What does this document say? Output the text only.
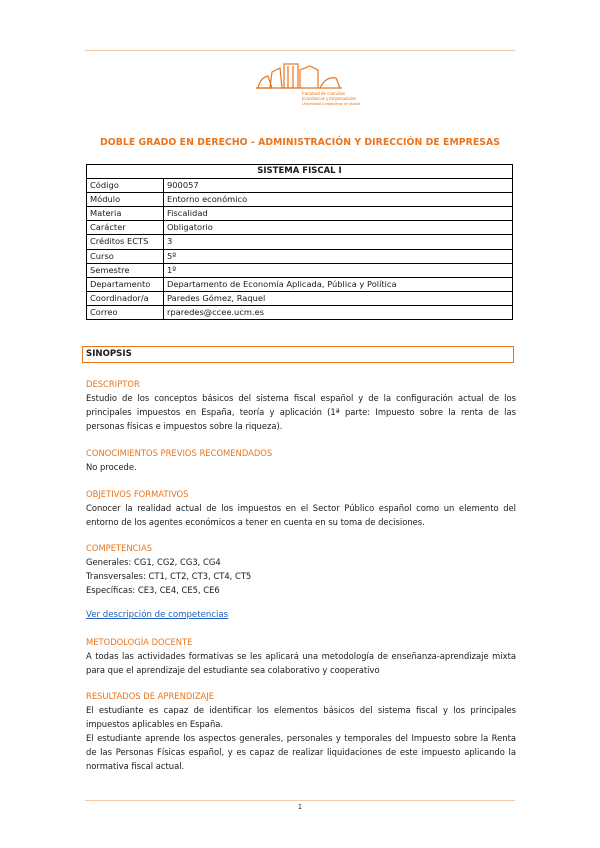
Facultad de Ciencias
Económicas y Empresariales
Universidad Complutense de Madrid
DOBLE GRADO EN DERECHO - ADMINISTRACIÓN Y DIRECCIÓN DE EMPRESAS
SISTEMA FISCAL I	
Código	900057
Módulo	Entorno económico
Materia	Fiscalidad
Carácter	Obligatorio
Créditos ECTS	3
Curso	5º
Semestre	1º
Departamento	Departamento de Economía Aplicada, Pública y Política
Coordinador/a	Paredes Gómez, Raquel
Correo	rparedes@ccee.ucm.es
SINOPSIS
DESCRIPTOR
Estudio de los conceptos básicos del sistema fiscal español y de la configuración actual de los principales impuestos en España, teoría y aplicación (1ª parte: Impuesto sobre la renta de las personas físicas e impuestos sobre la riqueza).
CONOCIMIENTOS PREVIOS RECOMENDADOS
No procede.
OBJETIVOS FORMATIVOS
Conocer la realidad actual de los impuestos en el Sector Público español como un elemento del entorno de los agentes económicos a tener en cuenta en su toma de decisiones.
COMPETENCIAS
Generales: CG1, CG2, CG3, CG4
Transversales: CT1, CT2, CT3, CT4, CT5
Específicas: CE3, CE4, CE5, CE6
Ver descripción de competencias
METODOLOGÍA DOCENTE
A todas las actividades formativas se les aplicará una metodología de enseñanza-aprendizaje mixta para que el aprendizaje del estudiante sea colaborativo y cooperativo
RESULTADOS DE APRENDIZAJE
El estudiante es capaz de identificar los elementos básicos del sistema fiscal y los principales impuestos aplicables en España.
El estudiante aprende los aspectos generales, personales y temporales del Impuesto sobre la Renta de las Personas Físicas español, y es capaz de realizar liquidaciones de este impuesto aplicando la normativa fiscal actual.
1
